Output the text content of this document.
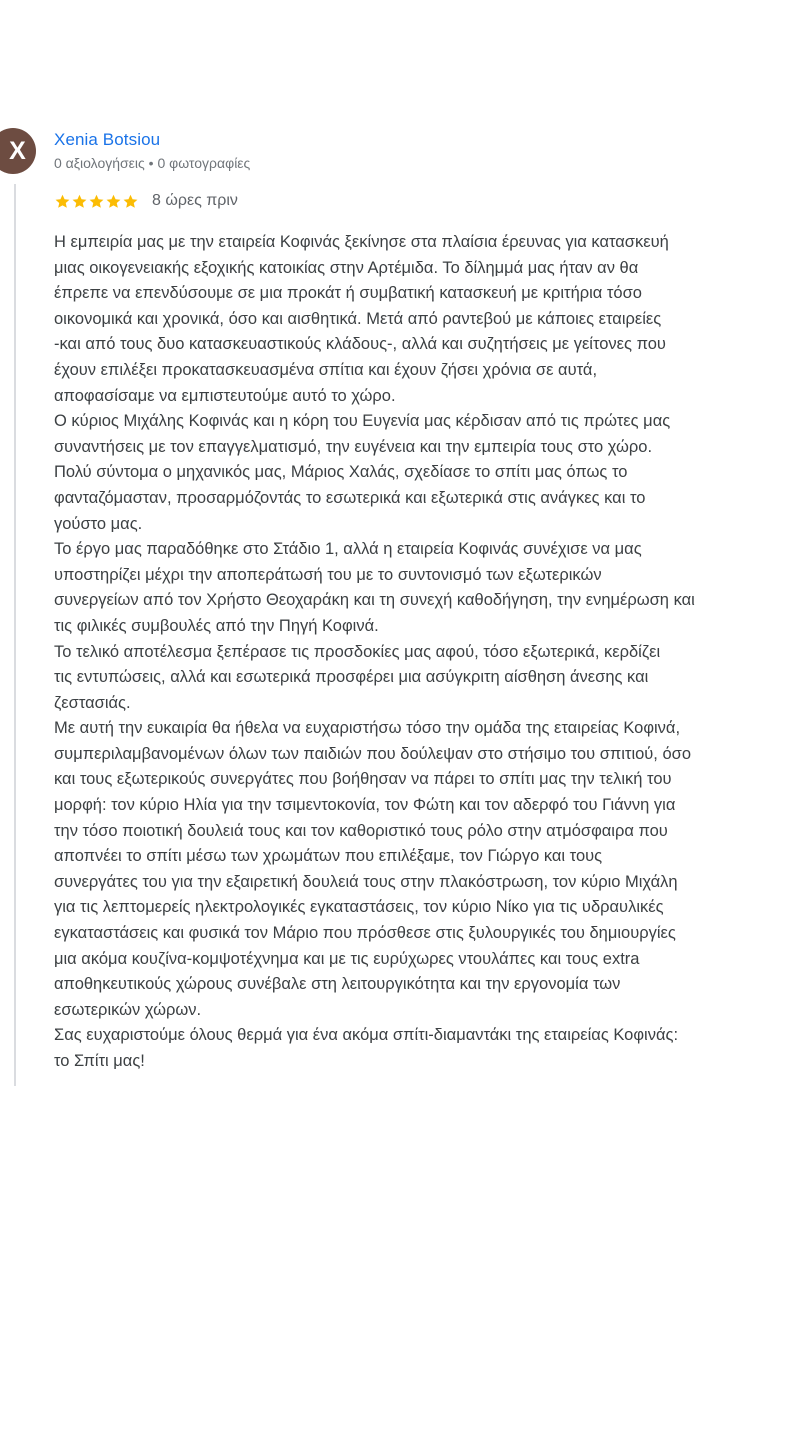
X Xenia Botsiou
0 αξιολογήσεις • 0 φωτογραφίες
8 ώρες πριν
Η εμπειρία μας με την εταιρεία Κοφινάς ξεκίνησε στα πλαίσια έρευνας για κατασκευή
μιας οικογενειακής εξοχικής κατοικίας στην Αρτέμιδα. Το δίλημμά μας ήταν αν θα
έπρεπε να επενδύσουμε σε μια προκάτ ή συμβατική κατασκευή με κριτήρια τόσο
οικονομικά και χρονικά, όσο και αισθητικά. Μετά από ραντεβού με κάποιες εταιρείες
-και από τους δυο κατασκευαστικούς κλάδους-, αλλά και συζητήσεις με γείτονες που
έχουν επιλέξει προκατασκευασμένα σπίτια και έχουν ζήσει χρόνια σε αυτά,
αποφασίσαμε να εμπιστευτούμε αυτό το χώρο.
Ο κύριος Μιχάλης Κοφινάς και η κόρη του Ευγενία μας κέρδισαν από τις πρώτες μας
συναντήσεις με τον επαγγελματισμό, την ευγένεια και την εμπειρία τους στο χώρο.
Πολύ σύντομα ο μηχανικός μας, Μάριος Χαλάς, σχεδίασε το σπίτι μας όπως το
φανταζόμασταν, προσαρμόζοντάς το εσωτερικά και εξωτερικά στις ανάγκες και το
γούστο μας.
Το έργο μας παραδόθηκε στο Στάδιο 1, αλλά η εταιρεία Κοφινάς συνέχισε να μας
υποστηρίζει μέχρι την αποπεράτωσή του με το συντονισμό των εξωτερικών
συνεργείων από τον Χρήστο Θεοχαράκη και τη συνεχή καθοδήγηση, την ενημέρωση και
τις φιλικές συμβουλές από την Πηγή Κοφινά.
Το τελικό αποτέλεσμα ξεπέρασε τις προσδοκίες μας αφού, τόσο εξωτερικά, κερδίζει
τις εντυπώσεις, αλλά και εσωτερικά προσφέρει μια ασύγκριτη αίσθηση άνεσης και
ζεστασιάς.
Με αυτή την ευκαιρία θα ήθελα να ευχαριστήσω τόσο την ομάδα της εταιρείας Κοφινά,
συμπεριλαμβανομένων όλων των παιδιών που δούλεψαν στο στήσιμο του σπιτιού, όσο
και τους εξωτερικούς συνεργάτες που βοήθησαν να πάρει το σπίτι μας την τελική του
μορφή: τον κύριο Ηλία για την τσιμεντοκονία, τον Φώτη και τον αδερφό του Γιάννη για
την τόσο ποιοτική δουλειά τους και τον καθοριστικό τους ρόλο στην ατμόσφαιρα που
αποπνέει το σπίτι μέσω των χρωμάτων που επιλέξαμε, τον Γιώργο και τους
συνεργάτες του για την εξαιρετική δουλειά τους στην πλακόστρωση, τον κύριο Μιχάλη
για τις λεπτομερείς ηλεκτρολογικές εγκαταστάσεις, τον κύριο Νίκο για τις υδραυλικές
εγκαταστάσεις και φυσικά τον Μάριο που πρόσθεσε στις ξυλουργικές του δημιουργίες
μια ακόμα κουζίνα-κομψοτέχνημα και με τις ευρύχωρες ντουλάπες και τους extra
αποθηκευτικούς χώρους συνέβαλε στη λειτουργικότητα και την εργονομία των
εσωτερικών χώρων.
Σας ευχαριστούμε όλους θερμά για ένα ακόμα σπίτι-διαμαντάκι της εταιρείας Κοφινάς:
το Σπίτι μας!
